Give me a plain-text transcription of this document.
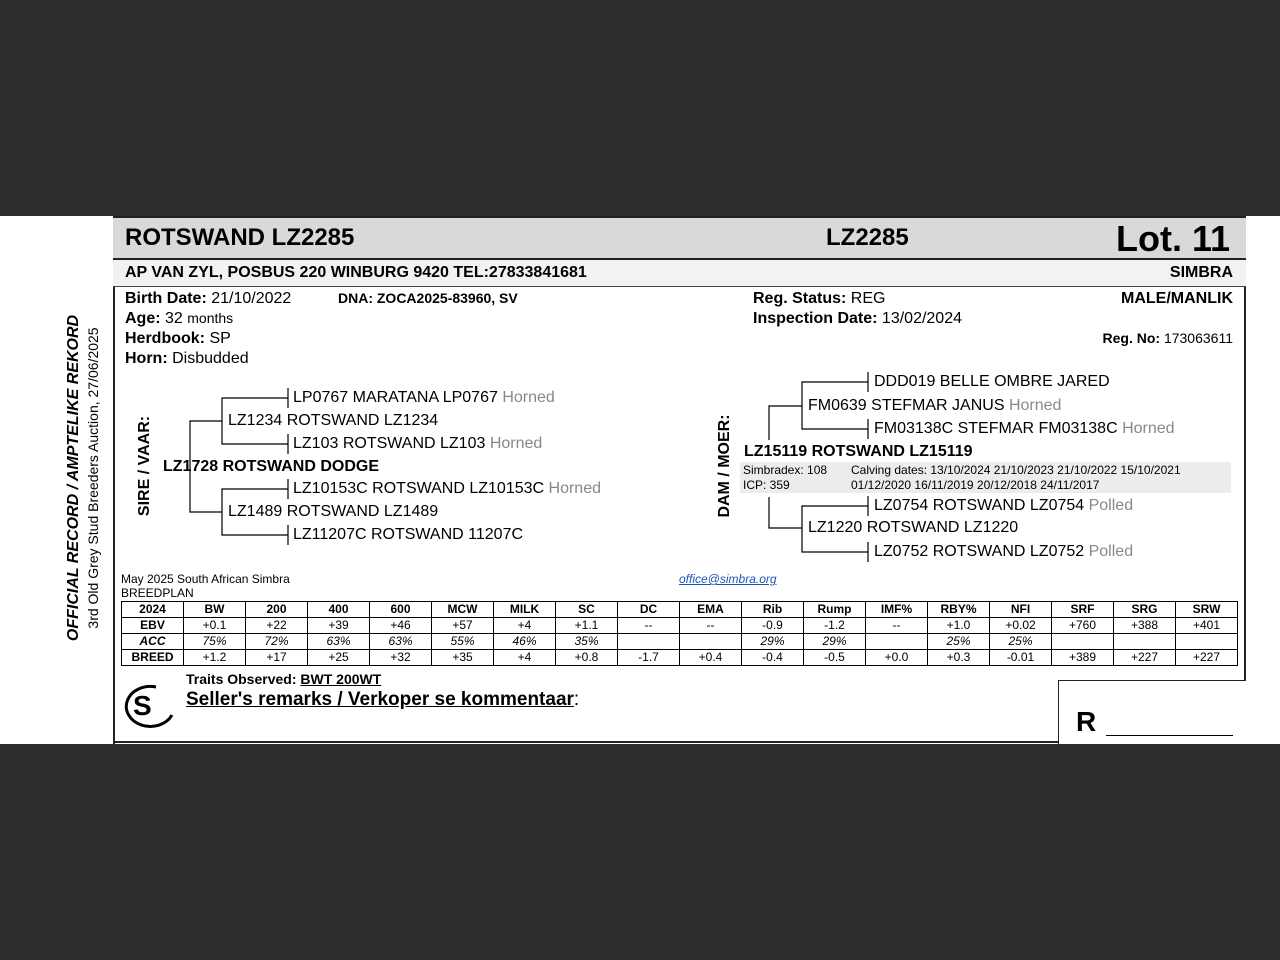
OFFICIAL RECORD / AMPTELIKE REKORD 3rd Old Grey Stud Breeders Auction, 27/06/2025
ROTSWAND LZ2285	LZ2285	Lot. 11
AP VAN ZYL, POSBUS 220 WINBURG 9420 TEL:27833841681	SIMBRA
Birth Date: 21/10/2022	DNA: ZOCA2025-83960, SV
Age: 32 months
Herdbook: SP
Horn: Disbudded
Reg. Status: REG	MALE/MANLIK
Inspection Date: 13/02/2024
Reg. No: 173063611
SIRE / VAAR:
LP0767 MARATANA LP0767 Horned
LZ1234 ROTSWAND LZ1234
LZ103 ROTSWAND LZ103 Horned
LZ1728 ROTSWAND DODGE
LZ10153C ROTSWAND LZ10153C Horned
LZ1489 ROTSWAND LZ1489
LZ11207C ROTSWAND 11207C
DAM / MOER:
DDD019 BELLE OMBRE JARED
FM0639 STEFMAR JANUS Horned
FM03138C STEFMAR FM03138C Horned
LZ15119 ROTSWAND LZ15119
Simbradex: 108
ICP: 359
Calving dates: 13/10/2024 21/10/2023 21/10/2022 15/10/2021
01/12/2020 16/11/2019 20/12/2018 24/11/2017
LZ0754 ROTSWAND LZ0754 Polled
LZ1220 ROTSWAND LZ1220
LZ0752 ROTSWAND LZ0752 Polled
May 2025 South African Simbra
BREEDPLAN
office@simbra.org
2024	BW	200	400	600	MCW	MILK	SC	DC	EMA	Rib	Rump	IMF%	RBY%	NFI	SRF	SRG	SRW
EBV	+0.1	+22	+39	+46	+57	+4	+1.1	--	--	-0.9	-1.2	--	+1.0	+0.02	+760	+388	+401
ACC	75%	72%	63%	63%	55%	46%	35%			29%	29%		25%	25%			
BREED	+1.2	+17	+25	+32	+35	+4	+0.8	-1.7	+0.4	-0.4	-0.5	+0.0	+0.3	-0.01	+389	+227	+227
S
Traits Observed: BWT 200WT
Seller's remarks / Verkoper se kommentaar:
R
